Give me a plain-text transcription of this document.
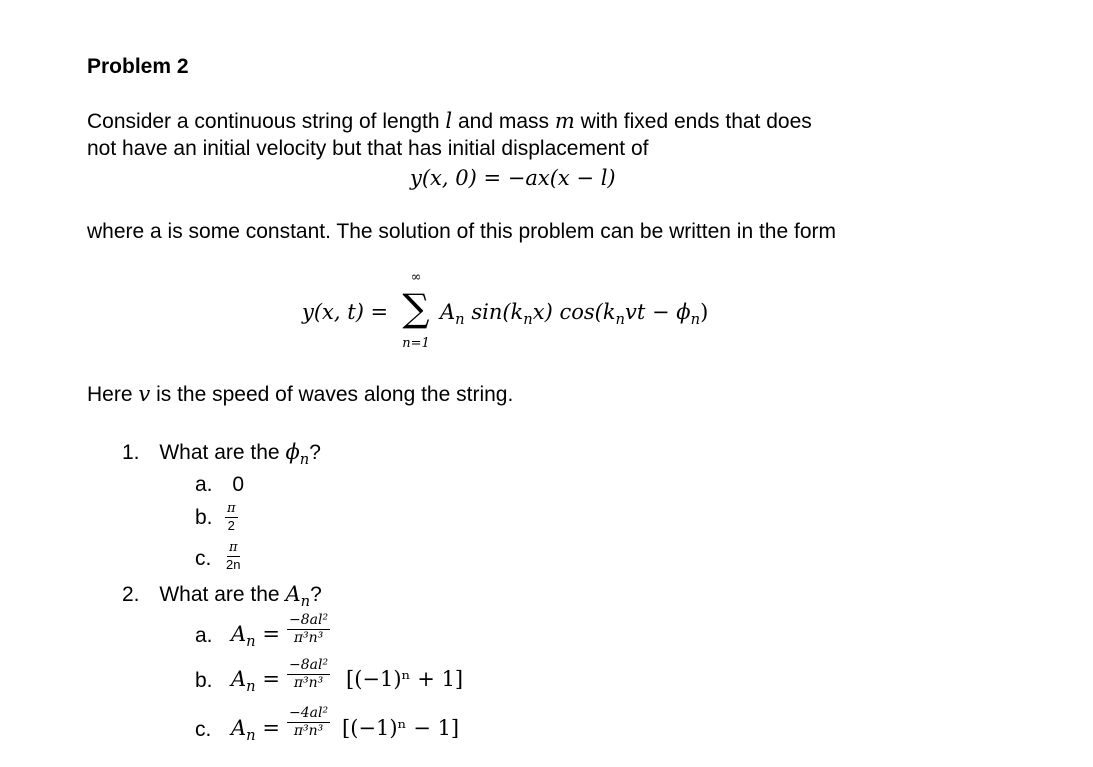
Problem 2
Consider a continuous string of length l and mass m with fixed ends that does
not have an initial velocity but that has initial displacement of
y(x, 0) = −ax(x − l)
where a is some constant. The solution of this problem can be written in the form
y(x, t) =
∞
∑
n=1
$A_n$ $\sin(k_nx) \cos(k_nvt - \phi_n)$
Here v is the speed of waves along the string.
1. What are the $\phi_n$?
a. 0
b. $\frac{\pi}{2}$
c. $\frac{\pi}{2n}$
2. What are the $A_n$?
a. $A_n = \frac{\text{−8al²}}{\text{π³n³}}$
b. $A_n = \frac{\text{−8al²}}{\text{π³n³}} [(-1)^n + 1]$
c. $A_n = \frac{\text{−4al²}}{\text{π³n³}} [(-1)^n - 1]$
